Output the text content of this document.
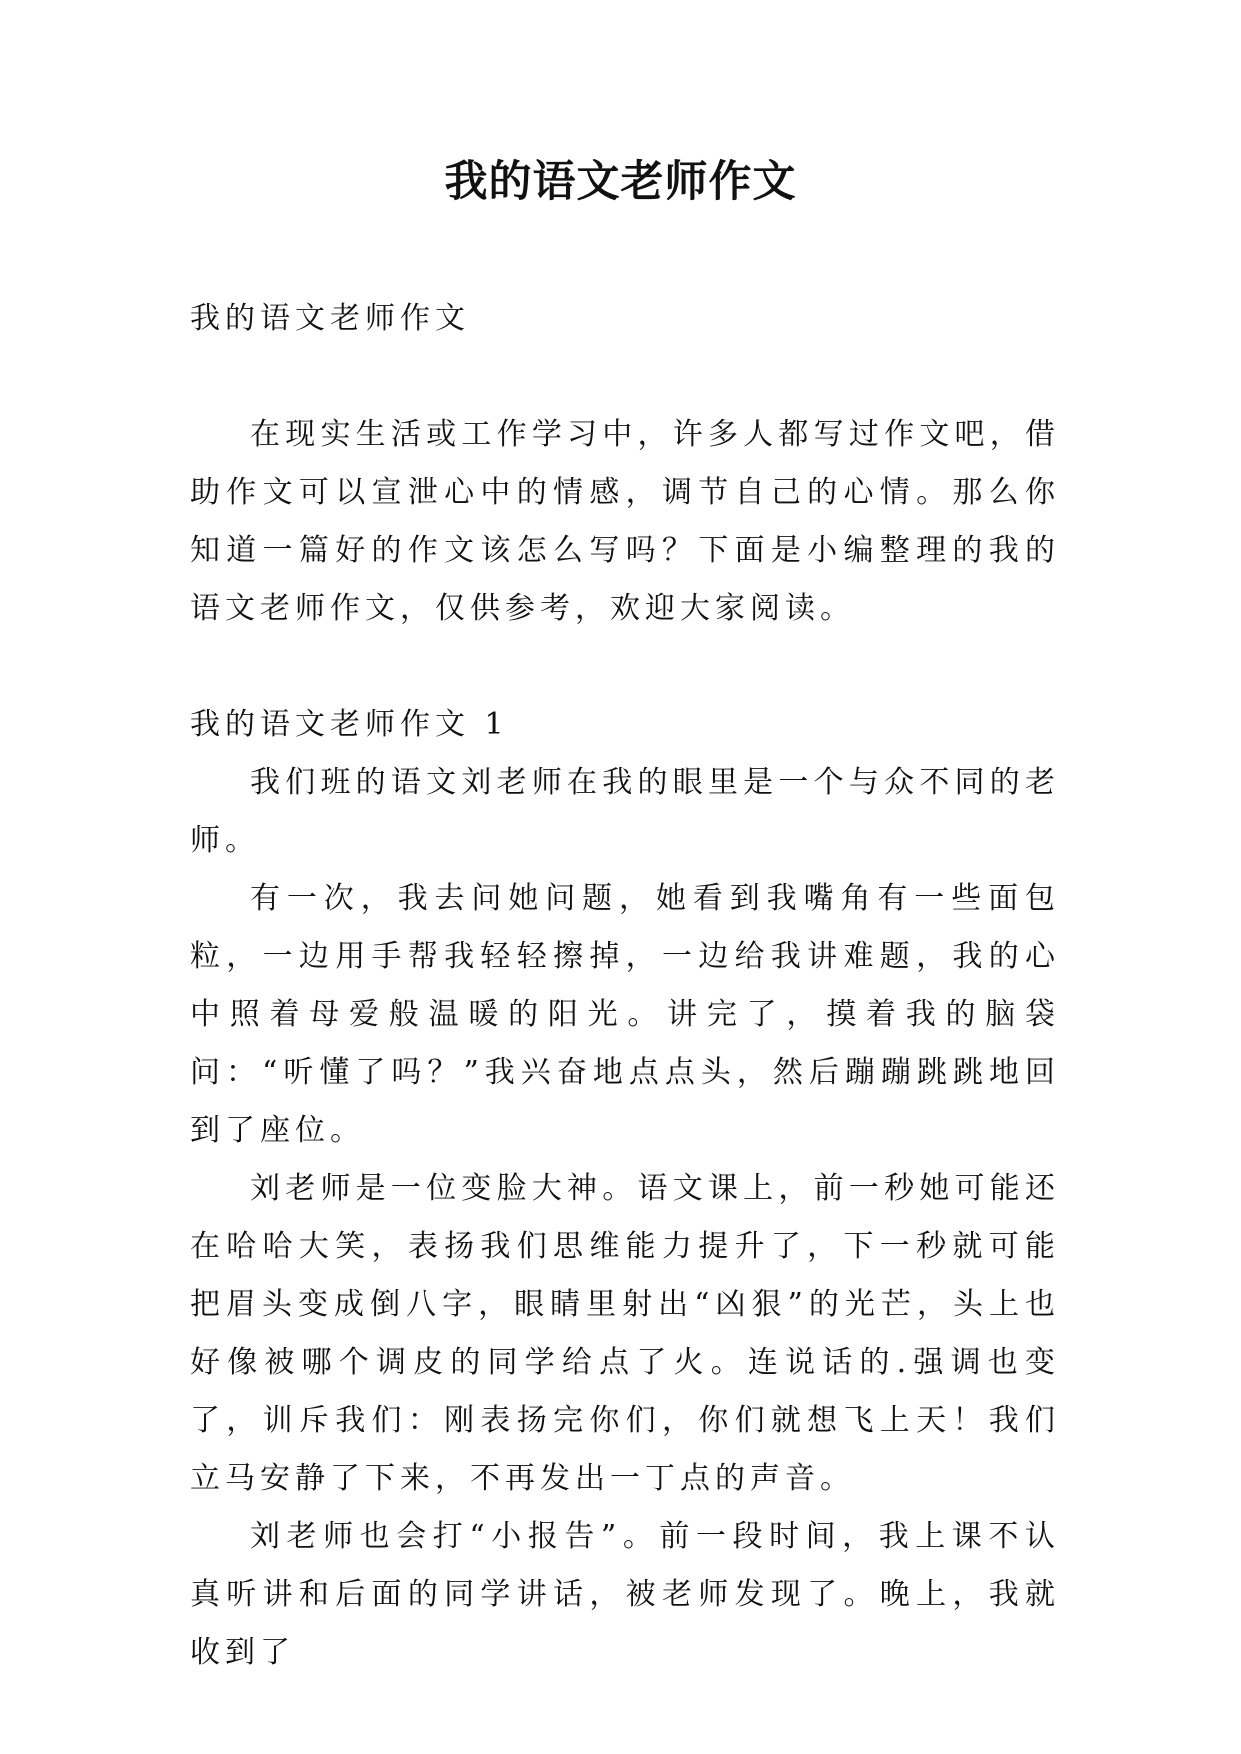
我的语文老师作文

我的语文老师作文

在现实生活或工作学习中，许多人都写过作文吧，借助作文可以宣泄心中的情感，调节自己的心情。那么你知道一篇好的作文该怎么写吗？下面是小编整理的我的语文老师作文，仅供参考，欢迎大家阅读。

我的语文老师作文 1

我们班的语文刘老师在我的眼里是一个与众不同的老师。

有一次，我去问她问题，她看到我嘴角有一些面包粒，一边用手帮我轻轻擦掉，一边给我讲难题，我的心中照着母爱般温暖的阳光。讲完了，摸着我的脑袋问：“听懂了吗？”我兴奋地点点头，然后蹦蹦跳跳地回到了座位。

刘老师是一位变脸大神。语文课上，前一秒她可能还在哈哈大笑，表扬我们思维能力提升了，下一秒就可能把眉头变成倒八字，眼睛里射出“凶狠”的光芒，头上也好像被哪个调皮的同学给点了火。连说话的.强调也变了，训斥我们：刚表扬完你们，你们就想飞上天！我们立马安静了下来，不再发出一丁点的声音。

刘老师也会打“小报告”。前一段时间，我上课不认真听讲和后面的同学讲话，被老师发现了。晚上，我就收到了
